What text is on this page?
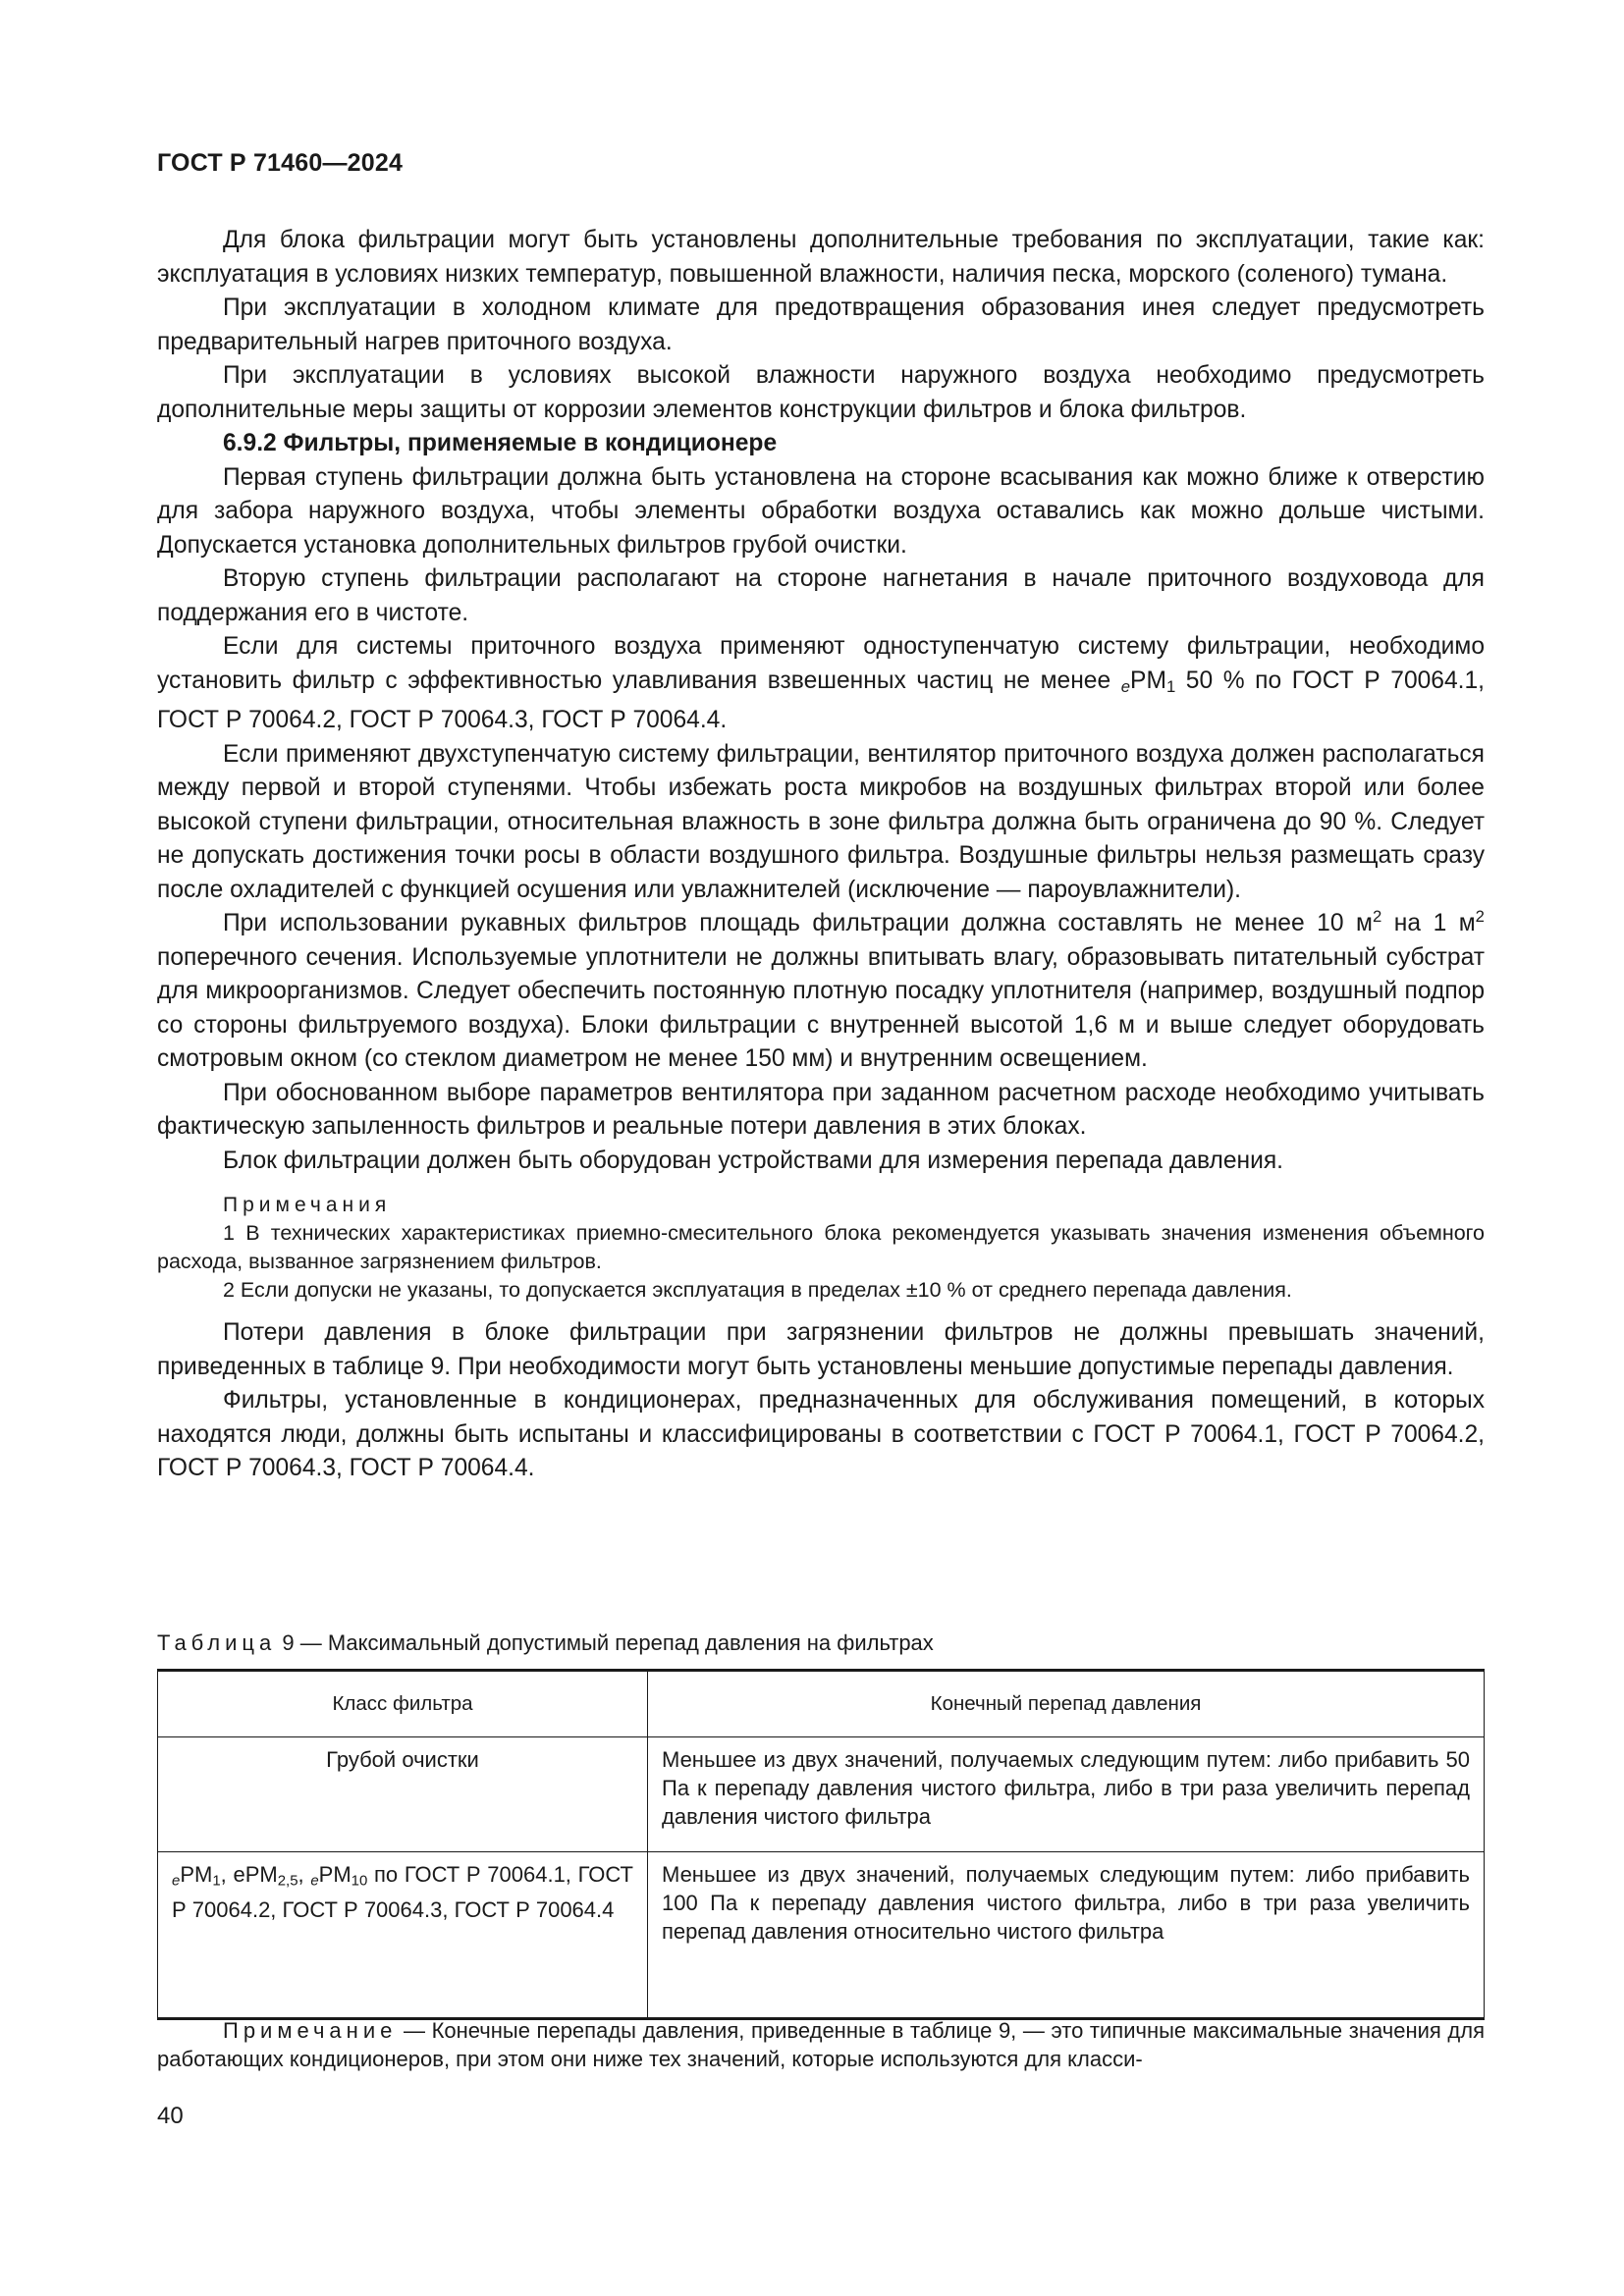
ГОСТ Р 71460—2024

Для блока фильтрации могут быть установлены дополнительные требования по эксплуатации, такие как: эксплуатация в условиях низких температур, повышенной влажности, наличия песка, морского (соленого) тумана.

При эксплуатации в холодном климате для предотвращения образования инея следует предусмотреть предварительный нагрев приточного воздуха.

При эксплуатации в условиях высокой влажности наружного воздуха необходимо предусмотреть дополнительные меры защиты от коррозии элементов конструкции фильтров и блока фильтров.

6.9.2 Фильтры, применяемые в кондиционере

Первая ступень фильтрации должна быть установлена на стороне всасывания как можно ближе к отверстию для забора наружного воздуха, чтобы элементы обработки воздуха оставались как можно дольше чистыми. Допускается установка дополнительных фильтров грубой очистки.

Вторую ступень фильтрации располагают на стороне нагнетания в начале приточного воздуховода для поддержания его в чистоте.

Если для системы приточного воздуха применяют одноступенчатую систему фильтрации, необходимо установить фильтр с эффективностью улавливания взвешенных частиц не менее $_ePM_1$ 50 % по ГОСТ Р 70064.1, ГОСТ Р 70064.2, ГОСТ Р 70064.3, ГОСТ Р 70064.4.

Если применяют двухступенчатую систему фильтрации, вентилятор приточного воздуха должен располагаться между первой и второй ступенями. Чтобы избежать роста микробов на воздушных фильтрах второй или более высокой ступени фильтрации, относительная влажность в зоне фильтра должна быть ограничена до 90 %. Следует не допускать достижения точки росы в области воздушного фильтра. Воздушные фильтры нельзя размещать сразу после охладителей с функцией осушения или увлажнителей (исключение — пароувлажнители).

При использовании рукавных фильтров площадь фильтрации должна составлять не менее 10 $м^2$ на 1 $м^2$ поперечного сечения. Используемые уплотнители не должны впитывать влагу, образовывать питательный субстрат для микроорганизмов. Следует обеспечить постоянную плотную посадку уплотнителя (например, воздушный подпор со стороны фильтруемого воздуха). Блоки фильтрации с внутренней высотой 1,6 м и выше следует оборудовать смотровым окном (со стеклом диаметром не менее 150 мм) и внутренним освещением.

При обоснованном выборе параметров вентилятора при заданном расчетном расходе необходимо учитывать фактическую запыленность фильтров и реальные потери давления в этих блоках.

Блок фильтрации должен быть оборудован устройствами для измерения перепада давления.

Примечания

1 В технических характеристиках приемно-смесительного блока рекомендуется указывать значения изменения объемного расхода, вызванное загрязнением фильтров.

2 Если допуски не указаны, то допускается эксплуатация в пределах ±10 % от среднего перепада давления.

Потери давления в блоке фильтрации при загрязнении фильтров не должны превышать значений, приведенных в таблице 9. При необходимости могут быть установлены меньшие допустимые перепады давления.

Фильтры, установленные в кондиционерах, предназначенных для обслуживания помещений, в которых находятся люди, должны быть испытаны и классифицированы в соответствии с ГОСТ Р 70064.1, ГОСТ Р 70064.2, ГОСТ Р 70064.3, ГОСТ Р 70064.4.

Таблица 9 — Максимальный допустимый перепад давления на фильтрах
Класс фильтра	Конечный перепад давления
Грубой очистки	Меньшее из двух значений, получаемых следующим путем: либо прибавить 50 Па к перепаду давления чистого фильтра, либо в три раза увеличить перепад давления чистого фильтра
$_ePM_1$, ePM$_{2,5}$, $_ePM_{10}$ по ГОСТ Р 70064.1, ГОСТ Р 70064.2, ГОСТ Р 70064.3, ГОСТ Р 70064.4	Меньшее из двух значений, получаемых следующим путем: либо прибавить 100 Па к перепаду давления чистого фильтра, либо в три раза увеличить перепад давления относительно чистого фильтра
Примечание — Конечные перепады давления, приведенные в таблице 9, — это типичные максимальные значения для работающих кондиционеров, при этом они ниже тех значений, которые используются для класси-
40
